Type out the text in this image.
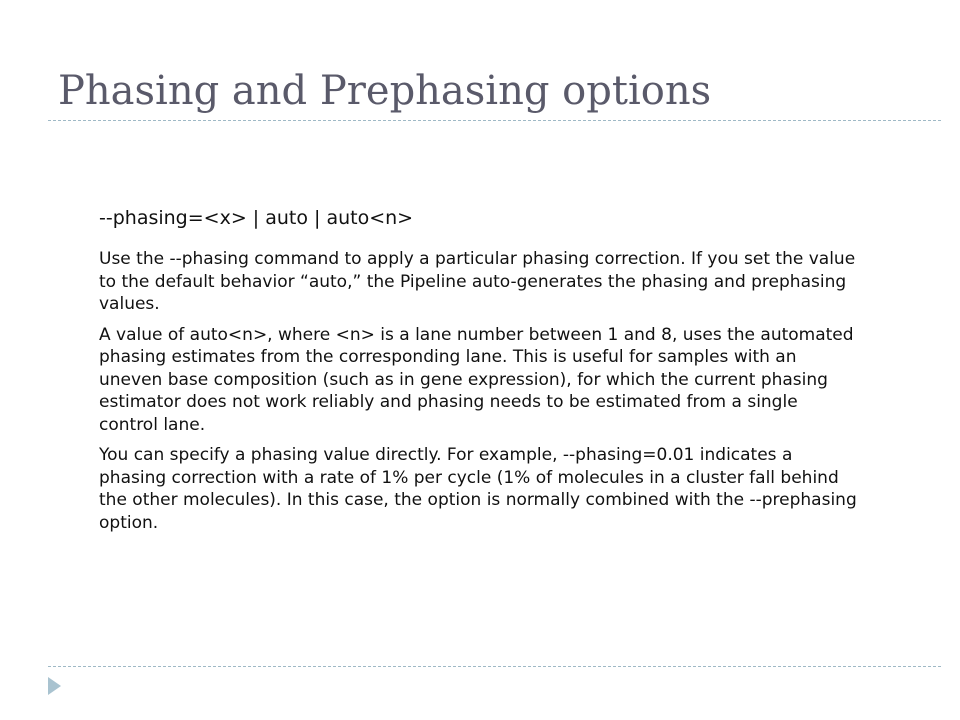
Phasing and Prephasing options

--phasing=<x> | auto | auto<n>

Use the --phasing command to apply a particular phasing correction. If you set the value to the default behavior “auto,” the Pipeline auto-generates the phasing and prephasing values.

A value of auto<n>, where <n> is a lane number between 1 and 8, uses the automated phasing estimates from the corresponding lane. This is useful for samples with an uneven base composition (such as in gene expression), for which the current phasing estimator does not work reliably and phasing needs to be estimated from a single control lane.

You can specify a phasing value directly. For example, --phasing=0.01 indicates a phasing correction with a rate of 1% per cycle (1% of molecules in a cluster fall behind the other molecules). In this case, the option is normally combined with the --prephasing option.
